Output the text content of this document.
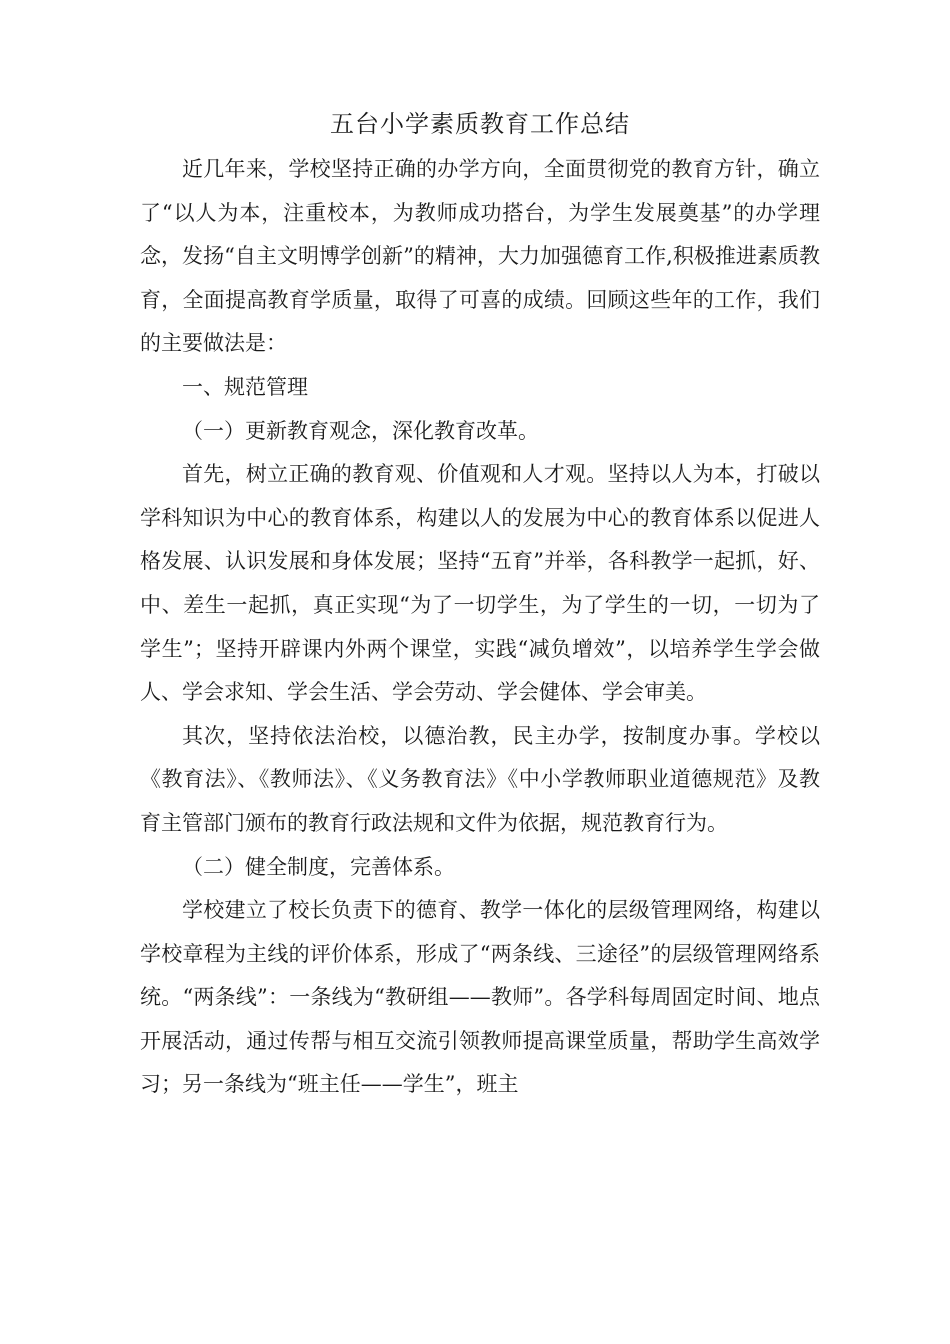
五台小学素质教育工作总结

近几年来，学校坚持正确的办学方向，全面贯彻党的教育方针，确立了“以人为本，注重校本，为教师成功搭台，为学生发展奠基”的办学理念，发扬“自主文明博学创新”的精神，大力加强德育工作,积极推进素质教育，全面提高教育学质量，取得了可喜的成绩。回顾这些年的工作，我们的主要做法是：

一、规范管理

（一）更新教育观念，深化教育改革。

首先，树立正确的教育观、价值观和人才观。坚持以人为本，打破以学科知识为中心的教育体系，构建以人的发展为中心的教育体系以促进人格发展、认识发展和身体发展；坚持“五育”并举，各科教学一起抓，好、中、差生一起抓，真正实现“为了一切学生，为了学生的一切，一切为了学生”；坚持开辟课内外两个课堂，实践“减负增效”，以培养学生学会做人、学会求知、学会生活、学会劳动、学会健体、学会审美。

其次，坚持依法治校，以德治教，民主办学，按制度办事。学校以《教育法》、《教师法》、《义务教育法》《中小学教师职业道德规范》及教育主管部门颁布的教育行政法规和文件为依据，规范教育行为。

（二）健全制度，完善体系。

学校建立了校长负责下的德育、教学一体化的层级管理网络，构建以学校章程为主线的评价体系，形成了“两条线、三途径”的层级管理网络系统。“两条线”：一条线为“教研组——教师”。各学科每周固定时间、地点开展活动，通过传帮与相互交流引领教师提高课堂质量，帮助学生高效学习；另一条线为“班主任——学生”，班主
